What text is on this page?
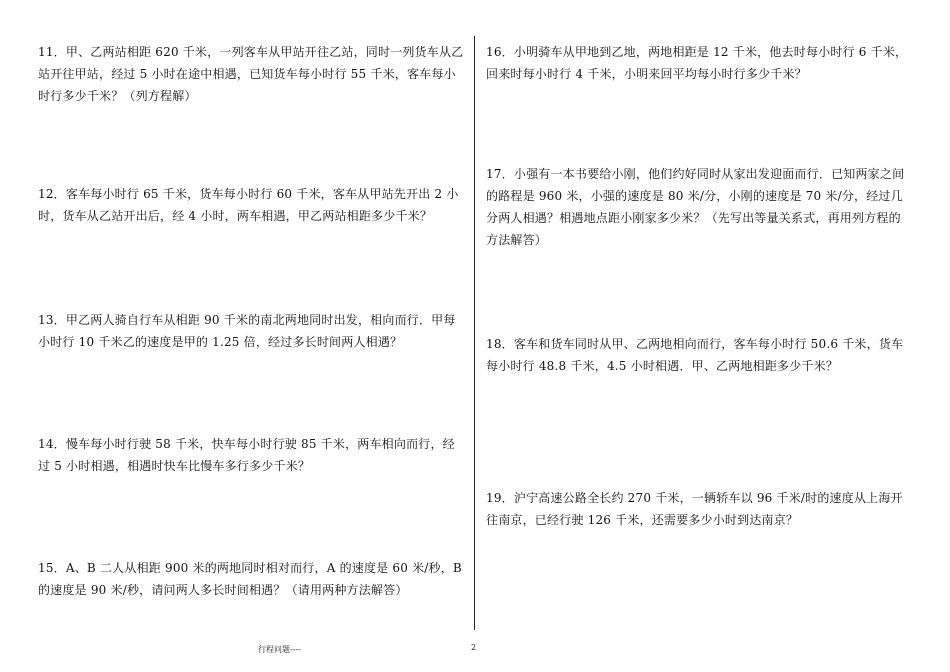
11．甲、乙两站相距 620 千米，一列客车从甲站开往乙站，同时一列货车从乙站开往甲站，经过 5 小时在途中相遇，已知货车每小时行 55 千米，客车每小时行多少千米？（列方程解）
12．客车每小时行 65 千米，货车每小时行 60 千米，客车从甲站先开出 2 小时，货车从乙站开出后，经 4 小时，两车相遇，甲乙两站相距多少千米？
13．甲乙两人骑自行车从相距 90 千米的南北两地同时出发，相向而行．甲每小时行 10 千米乙的速度是甲的 1.25 倍，经过多长时间两人相遇？
14．慢车每小时行驶 58 千米，快车每小时行驶 85 千米，两车相向而行，经过 5 小时相遇，相遇时快车比慢车多行多少千米？
15．A、B 二人从相距 900 米的两地同时相对而行，A 的速度是 60 米/秒，B 的速度是 90 米/秒，请问两人多长时间相遇？（请用两种方法解答）
16．小明骑车从甲地到乙地，两地相距是 12 千米，他去时每小时行 6 千米，回来时每小时行 4 千米，小明来回平均每小时行多少千米？
17．小强有一本书要给小刚，他们约好同时从家出发迎面而行．已知两家之间的路程是 960 米，小强的速度是 80 米/分，小刚的速度是 70 米/分，经过几分两人相遇？相遇地点距小刚家多少米？（先写出等量关系式，再用列方程的方法解答）
18．客车和货车同时从甲、乙两地相向而行，客车每小时行 50.6 千米，货车每小时行 48.8 千米，4.5 小时相遇．甲、乙两地相距多少千米？
19．沪宁高速公路全长约 270 千米，一辆轿车以 96 千米/时的速度从上海开往南京，已经行驶 126 千米，还需要多少小时到达南京？
行程问题----	2
